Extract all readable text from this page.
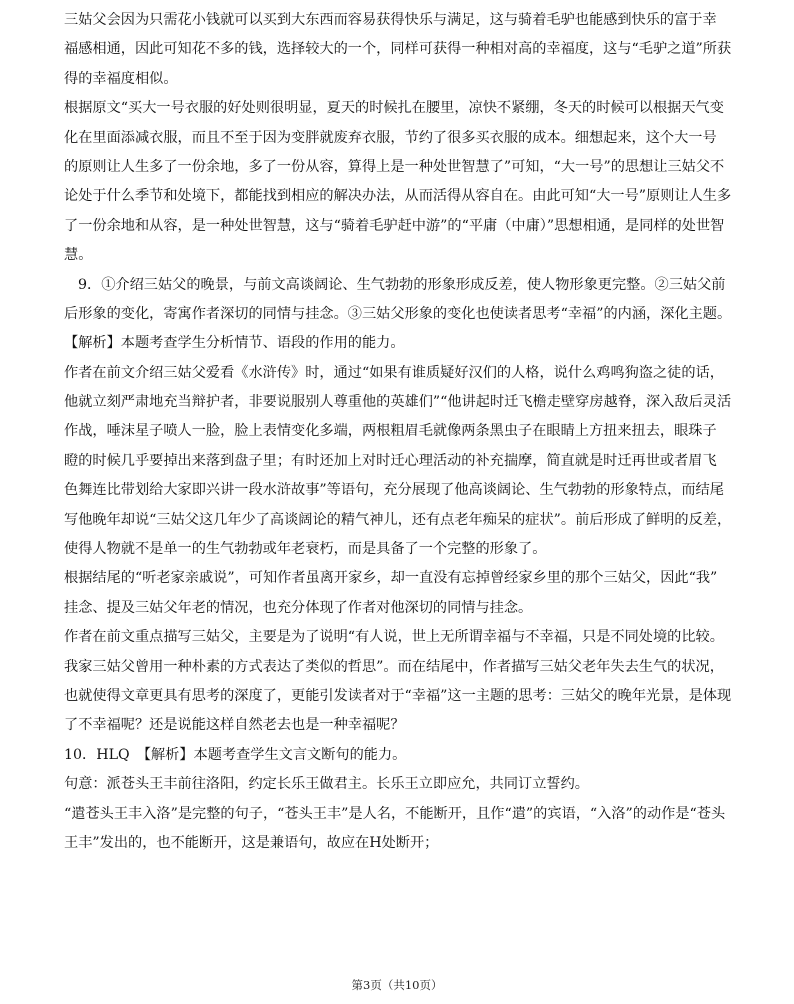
三姑父会因为只需花小钱就可以买到大东西而容易获得快乐与满足，这与骑着毛驴也能感到快乐的富于幸
福感相通，因此可知花不多的钱，选择较大的一个，同样可获得一种相对高的幸福度，这与“毛驴之道”所获
得的幸福度相似。
根据原文“买大一号衣服的好处则很明显，夏天的时候扎在腰里，凉快不紧绷，冬天的时候可以根据天气变
化在里面添减衣服，而且不至于因为变胖就废弃衣服，节约了很多买衣服的成本。细想起来，这个大一号
的原则让人生多了一份余地，多了一份从容，算得上是一种处世智慧了”可知，“大一号”的思想让三姑父不
论处于什么季节和处境下，都能找到相应的解决办法，从而活得从容自在。由此可知“大一号”原则让人生多
了一份余地和从容，是一种处世智慧，这与“骑着毛驴赶中游”的“平庸（中庸）”思想相通，是同样的处世智
慧。
9．①介绍三姑父的晚景，与前文高谈阔论、生气勃勃的形象形成反差，使人物形象更完整。②三姑父前
后形象的变化，寄寓作者深切的同情与挂念。③三姑父形象的变化也使读者思考“幸福”的内涵，深化主题。
【解析】本题考查学生分析情节、语段的作用的能力。
作者在前文介绍三姑父爱看《水浒传》时，通过“如果有谁质疑好汉们的人格，说什么鸡鸣狗盗之徒的话，
他就立刻严肃地充当辩护者，非要说服别人尊重他的英雄们”“他讲起时迁飞檐走壁穿房越脊，深入敌后灵活
作战，唾沫星子喷人一脸，脸上表情变化多端，两根粗眉毛就像两条黑虫子在眼睛上方扭来扭去，眼珠子
瞪的时候几乎要掉出来落到盘子里；有时还加上对时迁心理活动的补充揣摩，简直就是时迁再世或者眉飞
色舞连比带划给大家即兴讲一段水浒故事”等语句，充分展现了他高谈阔论、生气勃勃的形象特点，而结尾
写他晚年却说“三姑父这几年少了高谈阔论的精气神儿，还有点老年痴呆的症状”。前后形成了鲜明的反差，
使得人物就不是单一的生气勃勃或年老衰朽，而是具备了一个完整的形象了。
根据结尾的“听老家亲戚说”，可知作者虽离开家乡，却一直没有忘掉曾经家乡里的那个三姑父，因此“我”
挂念、提及三姑父年老的情况，也充分体现了作者对他深切的同情与挂念。
作者在前文重点描写三姑父，主要是为了说明“有人说，世上无所谓幸福与不幸福，只是不同处境的比较。
我家三姑父曾用一种朴素的方式表达了类似的哲思”。而在结尾中，作者描写三姑父老年失去生气的状况，
也就使得文章更具有思考的深度了，更能引发读者对于“幸福”这一主题的思考：三姑父的晚年光景，是体现
了不幸福呢？还是说能这样自然老去也是一种幸福呢？
10．HLQ　【解析】本题考查学生文言文断句的能力。
句意：派苍头王丰前往洛阳，约定长乐王做君主。长乐王立即应允，共同订立誓约。
“遣苍头王丰入洛”是完整的句子，“苍头王丰”是人名，不能断开，且作“遣”的宾语，“入洛”的动作是“苍头
王丰”发出的，也不能断开，这是兼语句，故应在H处断开；
第3页（共10页）
